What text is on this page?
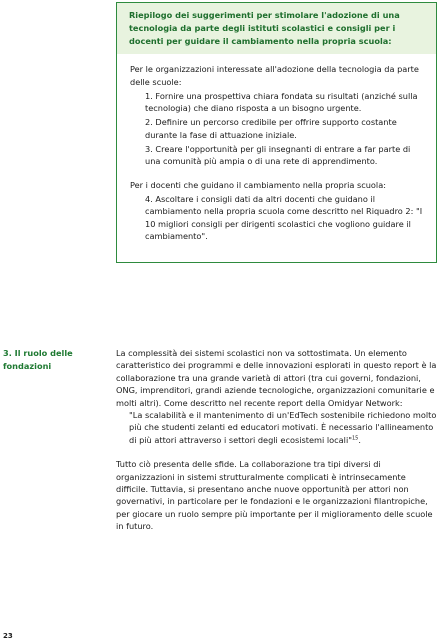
Riepilogo dei suggerimenti per stimolare l'adozione di una tecnologia da parte degli istituti scolastici e consigli per i docenti per guidare il cambiamento nella propria scuola:

Per le organizzazioni interessate all'adozione della tecnologia da parte delle scuole:

1. Fornire una prospettiva chiara fondata su risultati (anziché sulla tecnologia) che diano risposta a un bisogno urgente.
2. Definire un percorso credibile per offrire supporto costante durante la fase di attuazione iniziale.
3. Creare l'opportunità per gli insegnanti di entrare a far parte di una comunità più ampia o di una rete di apprendimento.

Per i docenti che guidano il cambiamento nella propria scuola:

4. Ascoltare i consigli dati da altri docenti che guidano il cambiamento nella propria scuola come descritto nel Riquadro 2: "I 10 migliori consigli per dirigenti scolastici che vogliono guidare il cambiamento".
3. Il ruolo delle fondazioni

La complessità dei sistemi scolastici non va sottostimata. Un elemento caratteristico dei programmi e delle innovazioni esplorati in questo report è la collaborazione tra una grande varietà di attori (tra cui governi, fondazioni, ONG, imprenditori, grandi aziende tecnologiche, organizzazioni comunitarie e molti altri). Come descritto nel recente report della Omidyar Network:

"La scalabilità e il mantenimento di un'EdTech sostenibile richiedono molto più che studenti zelanti ed educatori motivati. È necessario l'allineamento di più attori attraverso i settori degli ecosistemi locali"$^{15}$.

Tutto ciò presenta delle sfide. La collaborazione tra tipi diversi di organizzazioni in sistemi strutturalmente complicati è intrinsecamente difficile. Tuttavia, si presentano anche nuove opportunità per attori non governativi, in particolare per le fondazioni e le organizzazioni filantropiche, per giocare un ruolo sempre più importante per il miglioramento delle scuole in futuro.

23
